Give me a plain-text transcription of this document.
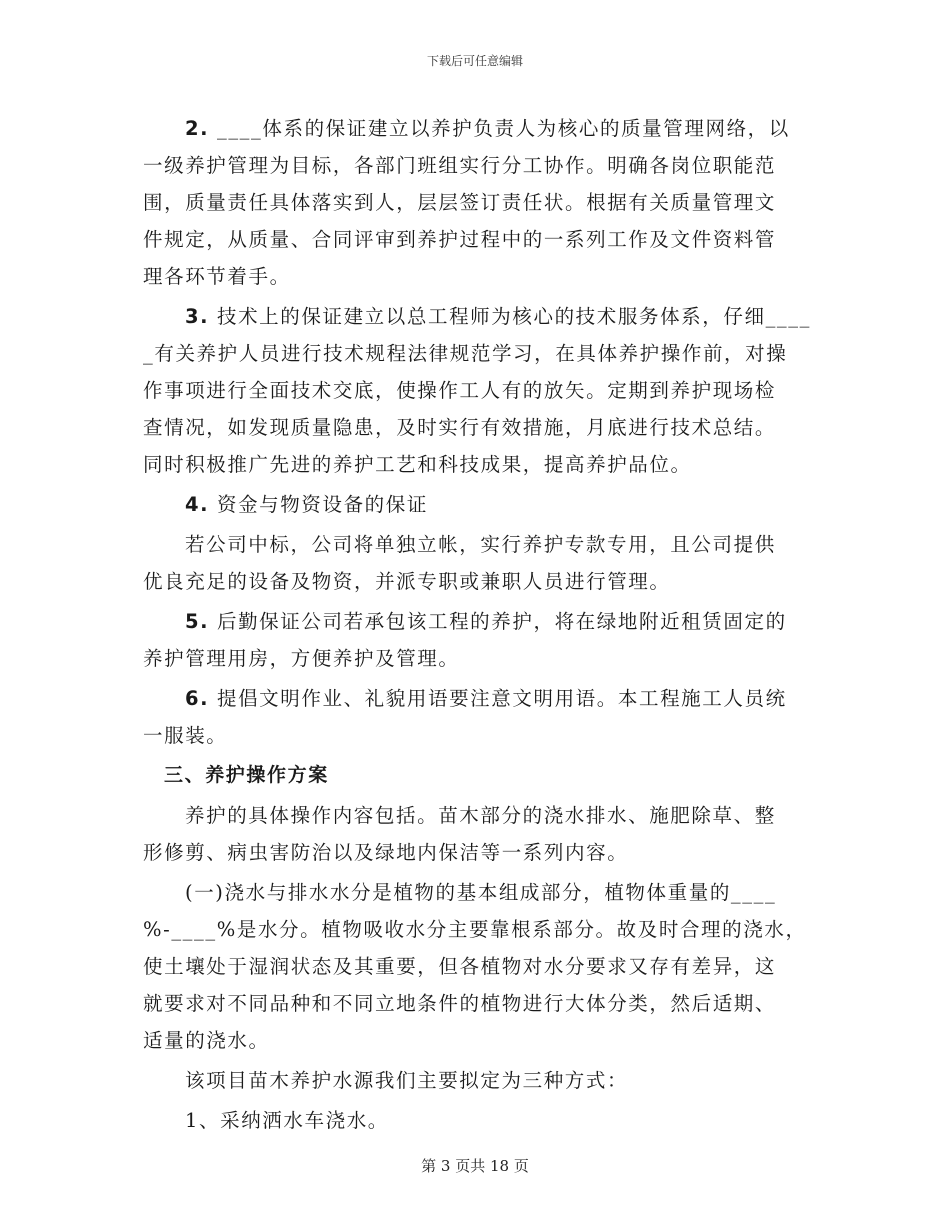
下载后可任意编辑
2. ____体系的保证建立以养护负责人为核心的质量管理网络，以
一级养护管理为目标，各部门班组实行分工协作。明确各岗位职能范
围，质量责任具体落实到人，层层签订责任状。根据有关质量管理文
件规定，从质量、合同评审到养护过程中的一系列工作及文件资料管
理各环节着手。
3. 技术上的保证建立以总工程师为核心的技术服务体系，仔细____
_有关养护人员进行技术规程法律规范学习，在具体养护操作前，对操
作事项进行全面技术交底，使操作工人有的放矢。定期到养护现场检
查情况，如发现质量隐患，及时实行有效措施，月底进行技术总结。
同时积极推广先进的养护工艺和科技成果，提高养护品位。
4. 资金与物资设备的保证
若公司中标，公司将单独立帐，实行养护专款专用，且公司提供
优良充足的设备及物资，并派专职或兼职人员进行管理。
5. 后勤保证公司若承包该工程的养护，将在绿地附近租赁固定的
养护管理用房，方便养护及管理。
6. 提倡文明作业、礼貌用语要注意文明用语。本工程施工人员统
一服装。
三、养护操作方案
养护的具体操作内容包括。苗木部分的浇水排水、施肥除草、整
形修剪、病虫害防治以及绿地内保洁等一系列内容。
(一)浇水与排水水分是植物的基本组成部分，植物体重量的____
%-____%是水分。植物吸收水分主要靠根系部分。故及时合理的浇水，
使土壤处于湿润状态及其重要，但各植物对水分要求又存有差异，这
就要求对不同品种和不同立地条件的植物进行大体分类，然后适期、
适量的浇水。
该项目苗木养护水源我们主要拟定为三种方式：
1、采纳洒水车浇水。
第 3 页共 18 页
